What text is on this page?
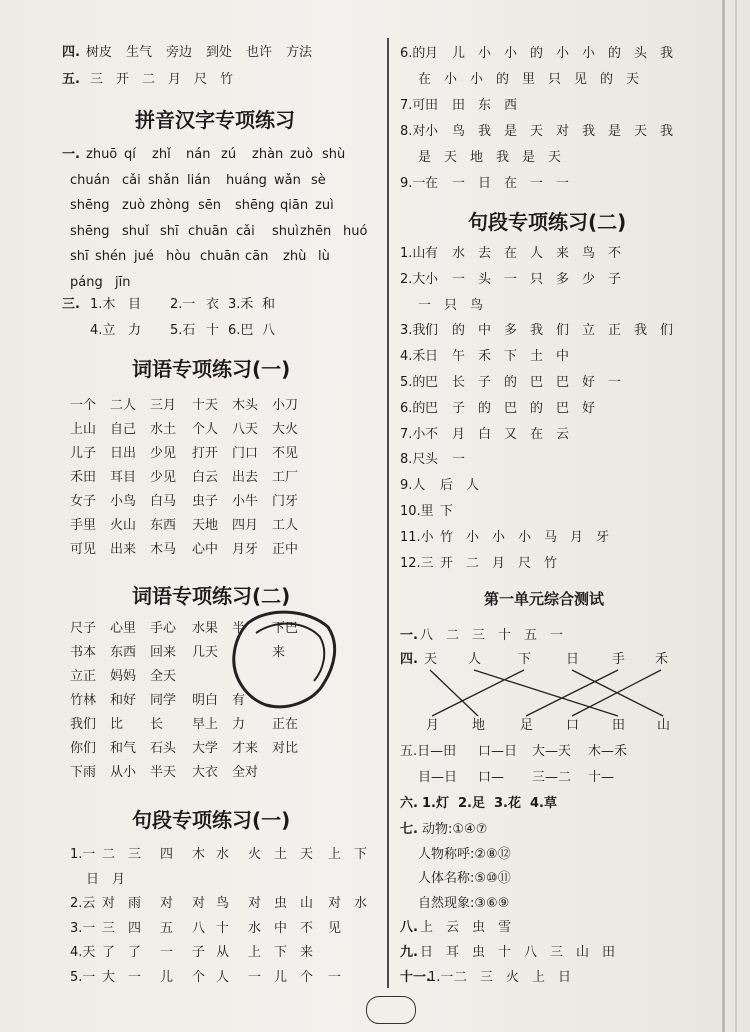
四. 树皮 生气 旁边 到处 也许 方法
五. 三 开 二 月 尺 竹
拼音汉字专项练习
一. zhuō qí zhǐ nán zú zhàn zuò shù
chuán cǎi shǎn lián huáng wǎn sè
shēng zuò zhòng sēn shēng qiān zuì
shēng shuǐ shī chuān cǎi shuì zhēn huó
shī shén jué hòu chuān cān zhù lù
páng jīn
三. 1.木 目 2.一 衣 3.禾 和
4.立 力 5.石 十 6.巴 八
词语专项练习(一)
一个 二人 三月 十天 木头 小刀
上山 自己 水土 个人 八天 大火
儿子 日出 少见 打开 门口 不见
禾田 耳目 少见 白云 出去 工厂
女子 小鸟 白马 虫子 小牛 门牙
手里 火山 东西 天地 四月 工人
可见 出来 木马 心中 月牙 正中
词语专项练习(二)
尺子 心里 手心 水果 半 下巴
书本 东西 回来 几天	来
立正 妈妈 全天
竹林 和好 同学 明白 有
我们 比 长 早上 力 正在
你们 和气 石头 大学 才来 对比
下雨 从小 半天 大衣 全对
句段专项练习(一)
1.一 二 三 四 木 水 火 土 天 上 下
日 月
2.云 对 雨 对 对 鸟 对 虫 山 对 水
3.一 三 四 五 八 十 水 中 不 见
4.天 了 了 一 子 从 上 下 来
5.一 大 一 儿 个 人 一 儿 个 一
6.的 月 儿 小 小 的 小 小 的 头 我
在 小 小 的 里 只 见 的 天
7.可 田 田 东 西
8.对 小 鸟 我 是 天 对 我 是 天 我
是 天 地 我 是 天
9.一 在 一 日 在 一 一
句段专项练习(二)
1.山 有 水 去 在 人 来 鸟 不
2.大 小 一 头 一 只 多 少 子
一 只 鸟
3.我 们 的 中 多 我 们 立 正 我 们
4.禾 日 午 禾 下 土 中
5.的 巴 长 子 的 巴 巴 好 一
6.的 巴 子 的 巴 的 巴 好
7.小 不 月 白 又 在 云
8.尺 头 一
9.人 后 人
10.里 下
11.小 竹 小 小 小 马 月 牙
12.三 开 二 月 尺 竹
第一单元综合测试
一. 八 二 三 十 五 一
四. 天 人	下	日	手 禾
月	地	足	口	田 山
五.日—田 口—日 大—天 木—禾
目—日 口— 三—二 十—
六. 1.灯 2.足 3.花 4.草
七. 动物:①④⑦
人物称呼:②⑧⑫
人体名称:⑤⑩⑪
自然现象:③⑥⑨
八. 上 云 虫 雪
九. 日 耳 虫 十 八 三 山 田
十一.
1.一 二 三 火 上 日
